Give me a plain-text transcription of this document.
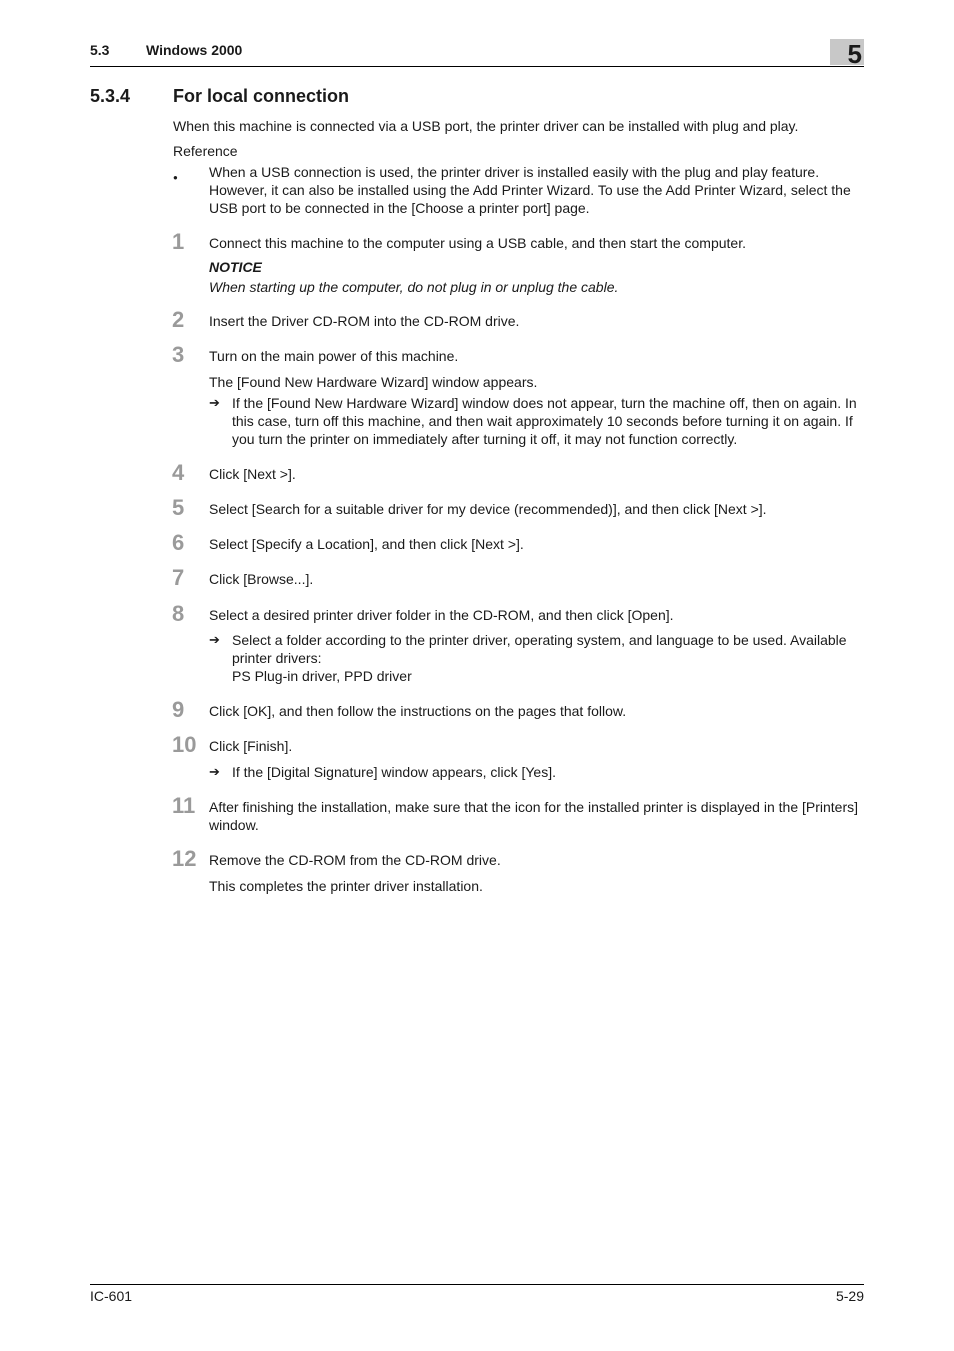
5.3	Windows 2000	5
5.3.4 For local connection
When this machine is connected via a USB port, the printer driver can be installed with plug and play.
Reference
● When a USB connection is used, the printer driver is installed easily with the plug and play feature. However, it can also be installed using the Add Printer Wizard. To use the Add Printer Wizard, select the USB port to be connected in the [Choose a printer port] page.
1 Connect this machine to the computer using a USB cable, and then start the computer.
NOTICE
When starting up the computer, do not plug in or unplug the cable.
2 Insert the Driver CD-ROM into the CD-ROM drive.
3 Turn on the main power of this machine.
The [Found New Hardware Wizard] window appears.
➔ If the [Found New Hardware Wizard] window does not appear, turn the machine off, then on again. In this case, turn off this machine, and then wait approximately 10 seconds before turning it on again. If you turn the printer on immediately after turning it off, it may not function correctly.
4 Click [Next >].
5 Select [Search for a suitable driver for my device (recommended)], and then click [Next >].
6 Select [Specify a Location], and then click [Next >].
7 Click [Browse...].
8 Select a desired printer driver folder in the CD-ROM, and then click [Open].
➔ Select a folder according to the printer driver, operating system, and language to be used. Available printer drivers:
PS Plug-in driver, PPD driver
9 Click [OK], and then follow the instructions on the pages that follow.
10 Click [Finish].
➔ If the [Digital Signature] window appears, click [Yes].
11 After finishing the installation, make sure that the icon for the installed printer is displayed in the [Printers] window.
12 Remove the CD-ROM from the CD-ROM drive.
This completes the printer driver installation.
IC-601	5-29
